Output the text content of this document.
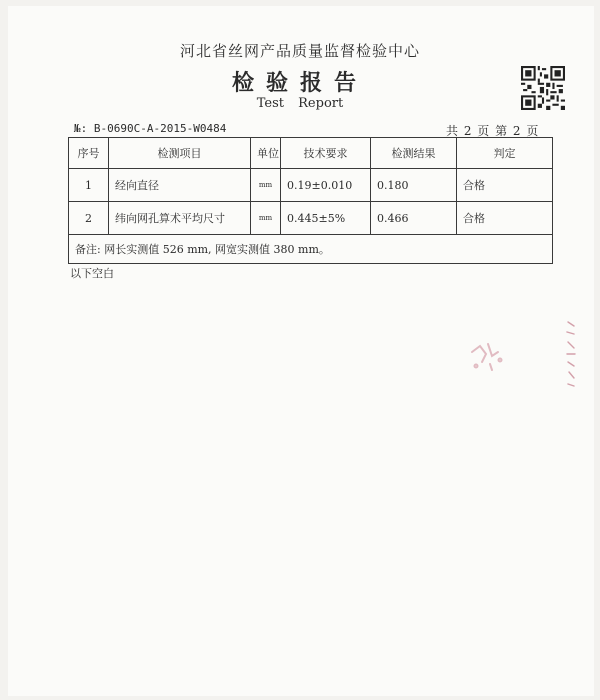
河北省丝网产品质量监督检验中心
检验报告
Test Report
№: B-0690C-A-2015-W0484	共 2 页 第 2 页
序号	检测项目	单位	技术要求	检测结果	判定
1	经向直径	mm	0.19±0.010	0.180	合格
2	纬向网孔算术平均尺寸	mm	0.445±5%	0.466	合格
备注: 网长实测值 526 mm, 网宽实测值 380 mm。					
以下空白
